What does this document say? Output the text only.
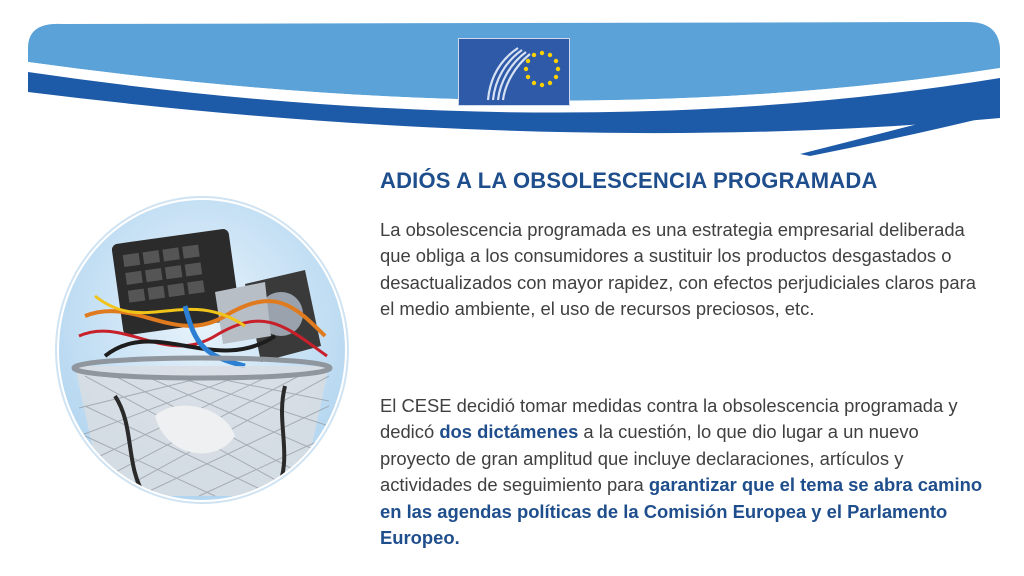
ADIÓS A LA OBSOLESCENCIA PROGRAMADA

La obsolescencia programada es una estrategia empresarial deliberada que obliga a los consumidores a sustituir los productos desgastados o desactualizados con mayor rapidez, con efectos perjudiciales claros para el medio ambiente, el uso de recursos preciosos, etc.

El CESE decidió tomar medidas contra la obsolescencia programada y dedicó dos dictámenes a la cuestión, lo que dio lugar a un nuevo proyecto de gran amplitud que incluye declaraciones, artículos y actividades de seguimiento para garantizar que el tema se abra camino en las agendas políticas de la Comisión Europea y el Parlamento Europeo.
